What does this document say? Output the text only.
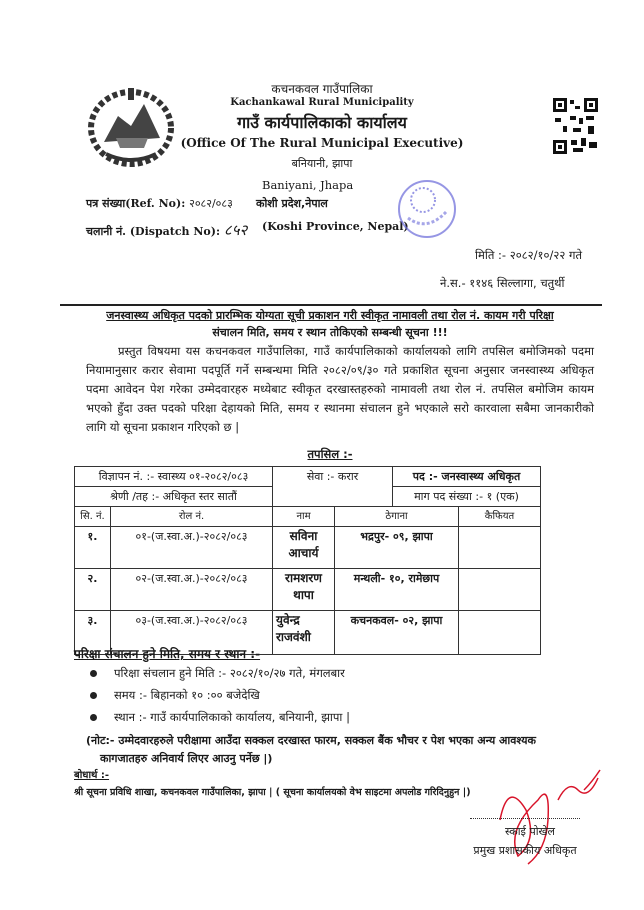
कचनकवल गाउँपालिका
Kachankawal Rural Municipality
गाउँ कार्यपालिकाको कार्यालय
(Office Of The Rural Municipal Executive)
बनियानी, झापा
Baniyani, Jhapa
कोशी प्रदेश,नेपाल
(Koshi Province, Nepal)
पत्र संख्या(Ref. No): २०८२/०८३
चलानी नं. (Dispatch No): ८५२
मिति :- २०८२/१०/२२ गते
ने.स.- ११४६ सिल्लागा, चतुर्थी
जनस्वास्थ्य अधिकृत पदको प्रारम्भिक योग्यता सूची प्रकाशन गरी स्वीकृत नामावली तथा रोल नं. कायम गरी परिक्षा
संचालन मिति, समय र स्थान तोकिएको सम्बन्धी सूचना !!!
प्रस्तुत विषयमा यस कचनकवल गाउँपालिका, गाउँ कार्यपालिकाको कार्यालयको लागि तपसिल बमोजिमको पदमा नियामानुसार करार सेवामा पदपूर्ति गर्ने सम्बन्धमा मिति २०८२/०९/३० गते प्रकाशित सूचना अनुसार जनस्वास्थ्य अधिकृत पदमा आवेदन पेश गरेका उम्मेदवारहरु मध्येबाट स्वीकृत दरखास्तहरुको नामावली तथा रोल नं. तपसिल बमोजिम कायम भएको हुँदा उक्त पदको परिक्षा देहायको मिति, समय र स्थानमा संचालन हुने भएकाले सरो कारवाला सबैमा जानकारीको लागि यो सूचना प्रकाशन गरिएको छ |
तपसिल :-
विज्ञापन नं. :- स्वास्थ्य ०१-२०८२/०८३		सेवा :- करार		पद :- जनस्वास्थ्य अधिकृत	
श्रेणी /तह :- अधिकृत स्तर सातौं				माग पद संख्या :- १ (एक)	
सि. नं.	रोल नं.	नाम	ठेगाना		कैफियत
१.	०१-(ज.स्वा.अ.)-२०८२/०८३	सविना आचार्य	भद्रपुर- ०९, झापा		
२.	०२-(ज.स्वा.अ.)-२०८२/०८३	रामशरण थापा	मन्थली- १०, रामेछाप		
३.	०३-(ज.स्वा.अ.)-२०८२/०८३	युवेन्द्र राजवंशी	कचनकवल- ०२, झापा		
परिक्षा संचालन हुने मिति, समय र स्थान :-
परिक्षा संचलान हुने मिति :- २०८२/१०/२७ गते, मंगलबार
समय :- बिहानको १० :०० बजेदेखि
स्थान :- गाउँ कार्यपालिकाको कार्यालय, बनियानी, झापा |
(नोट:- उम्मेदवारहरुले परीक्षामा आउँदा सक्कल दरखास्त फारम, सक्कल बैंक भौचर र पेश भएका अन्य आवश्यक
कागजातहरु अनिवार्य लिएर आउनु पर्नेछ |)
बोधार्थ :-
श्री सूचना प्रविधि शाखा, कचनकवल गाउँपालिका, झापा | ( सूचना कार्यालयको वेभ साइटमा अपलोड गरिदिनुहुन |)
स्काई पोखेल
प्रमुख प्रशासकीय अधिकृत
